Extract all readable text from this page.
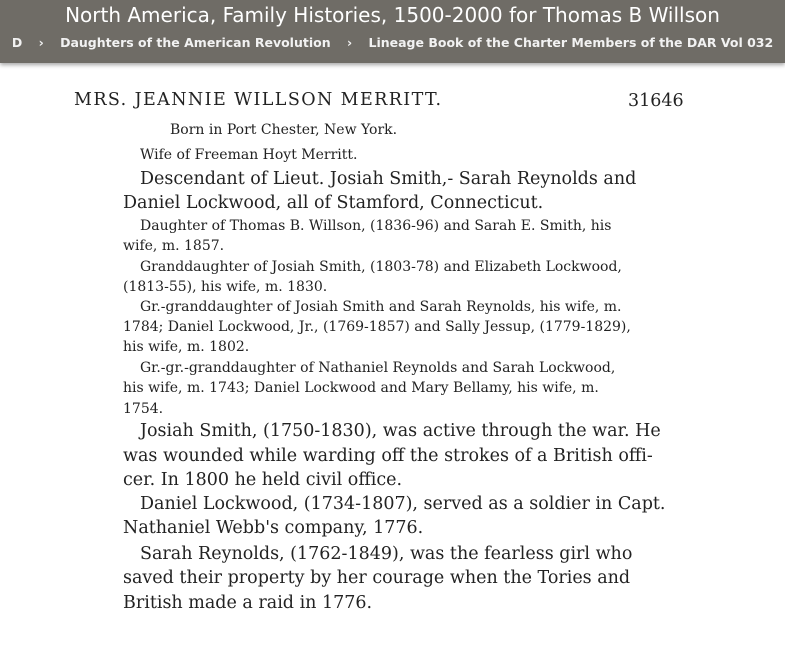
North America, Family Histories, 1500-2000 for Thomas B Willson
D › Daughters of the American Revolution › Lineage Book of the Charter Members of the DAR Vol 032
MRS. JEANNIE WILLSON MERRITT.	31646
Born in Port Chester, New York.
Wife of Freeman Hoyt Merritt.
Descendant of Lieut. Josiah Smith,- Sarah Reynolds and
Daniel Lockwood, all of Stamford, Connecticut.
Daughter of Thomas B. Willson, (1836-96) and Sarah E. Smith, his
wife, m. 1857.
Granddaughter of Josiah Smith, (1803-78) and Elizabeth Lockwood,
(1813-55), his wife, m. 1830.
Gr.-granddaughter of Josiah Smith and Sarah Reynolds, his wife, m.
1784; Daniel Lockwood, Jr., (1769-1857) and Sally Jessup, (1779-1829),
his wife, m. 1802.
Gr.-gr.-granddaughter of Nathaniel Reynolds and Sarah Lockwood,
his wife, m. 1743; Daniel Lockwood and Mary Bellamy, his wife, m.
1754.
Josiah Smith, (1750-1830), was active through the war. He
was wounded while warding off the strokes of a British offi-
cer. In 1800 he held civil office.
Daniel Lockwood, (1734-1807), served as a soldier in Capt.
Nathaniel Webb's company, 1776.
Sarah Reynolds, (1762-1849), was the fearless girl who
saved their property by her courage when the Tories and
British made a raid in 1776.
